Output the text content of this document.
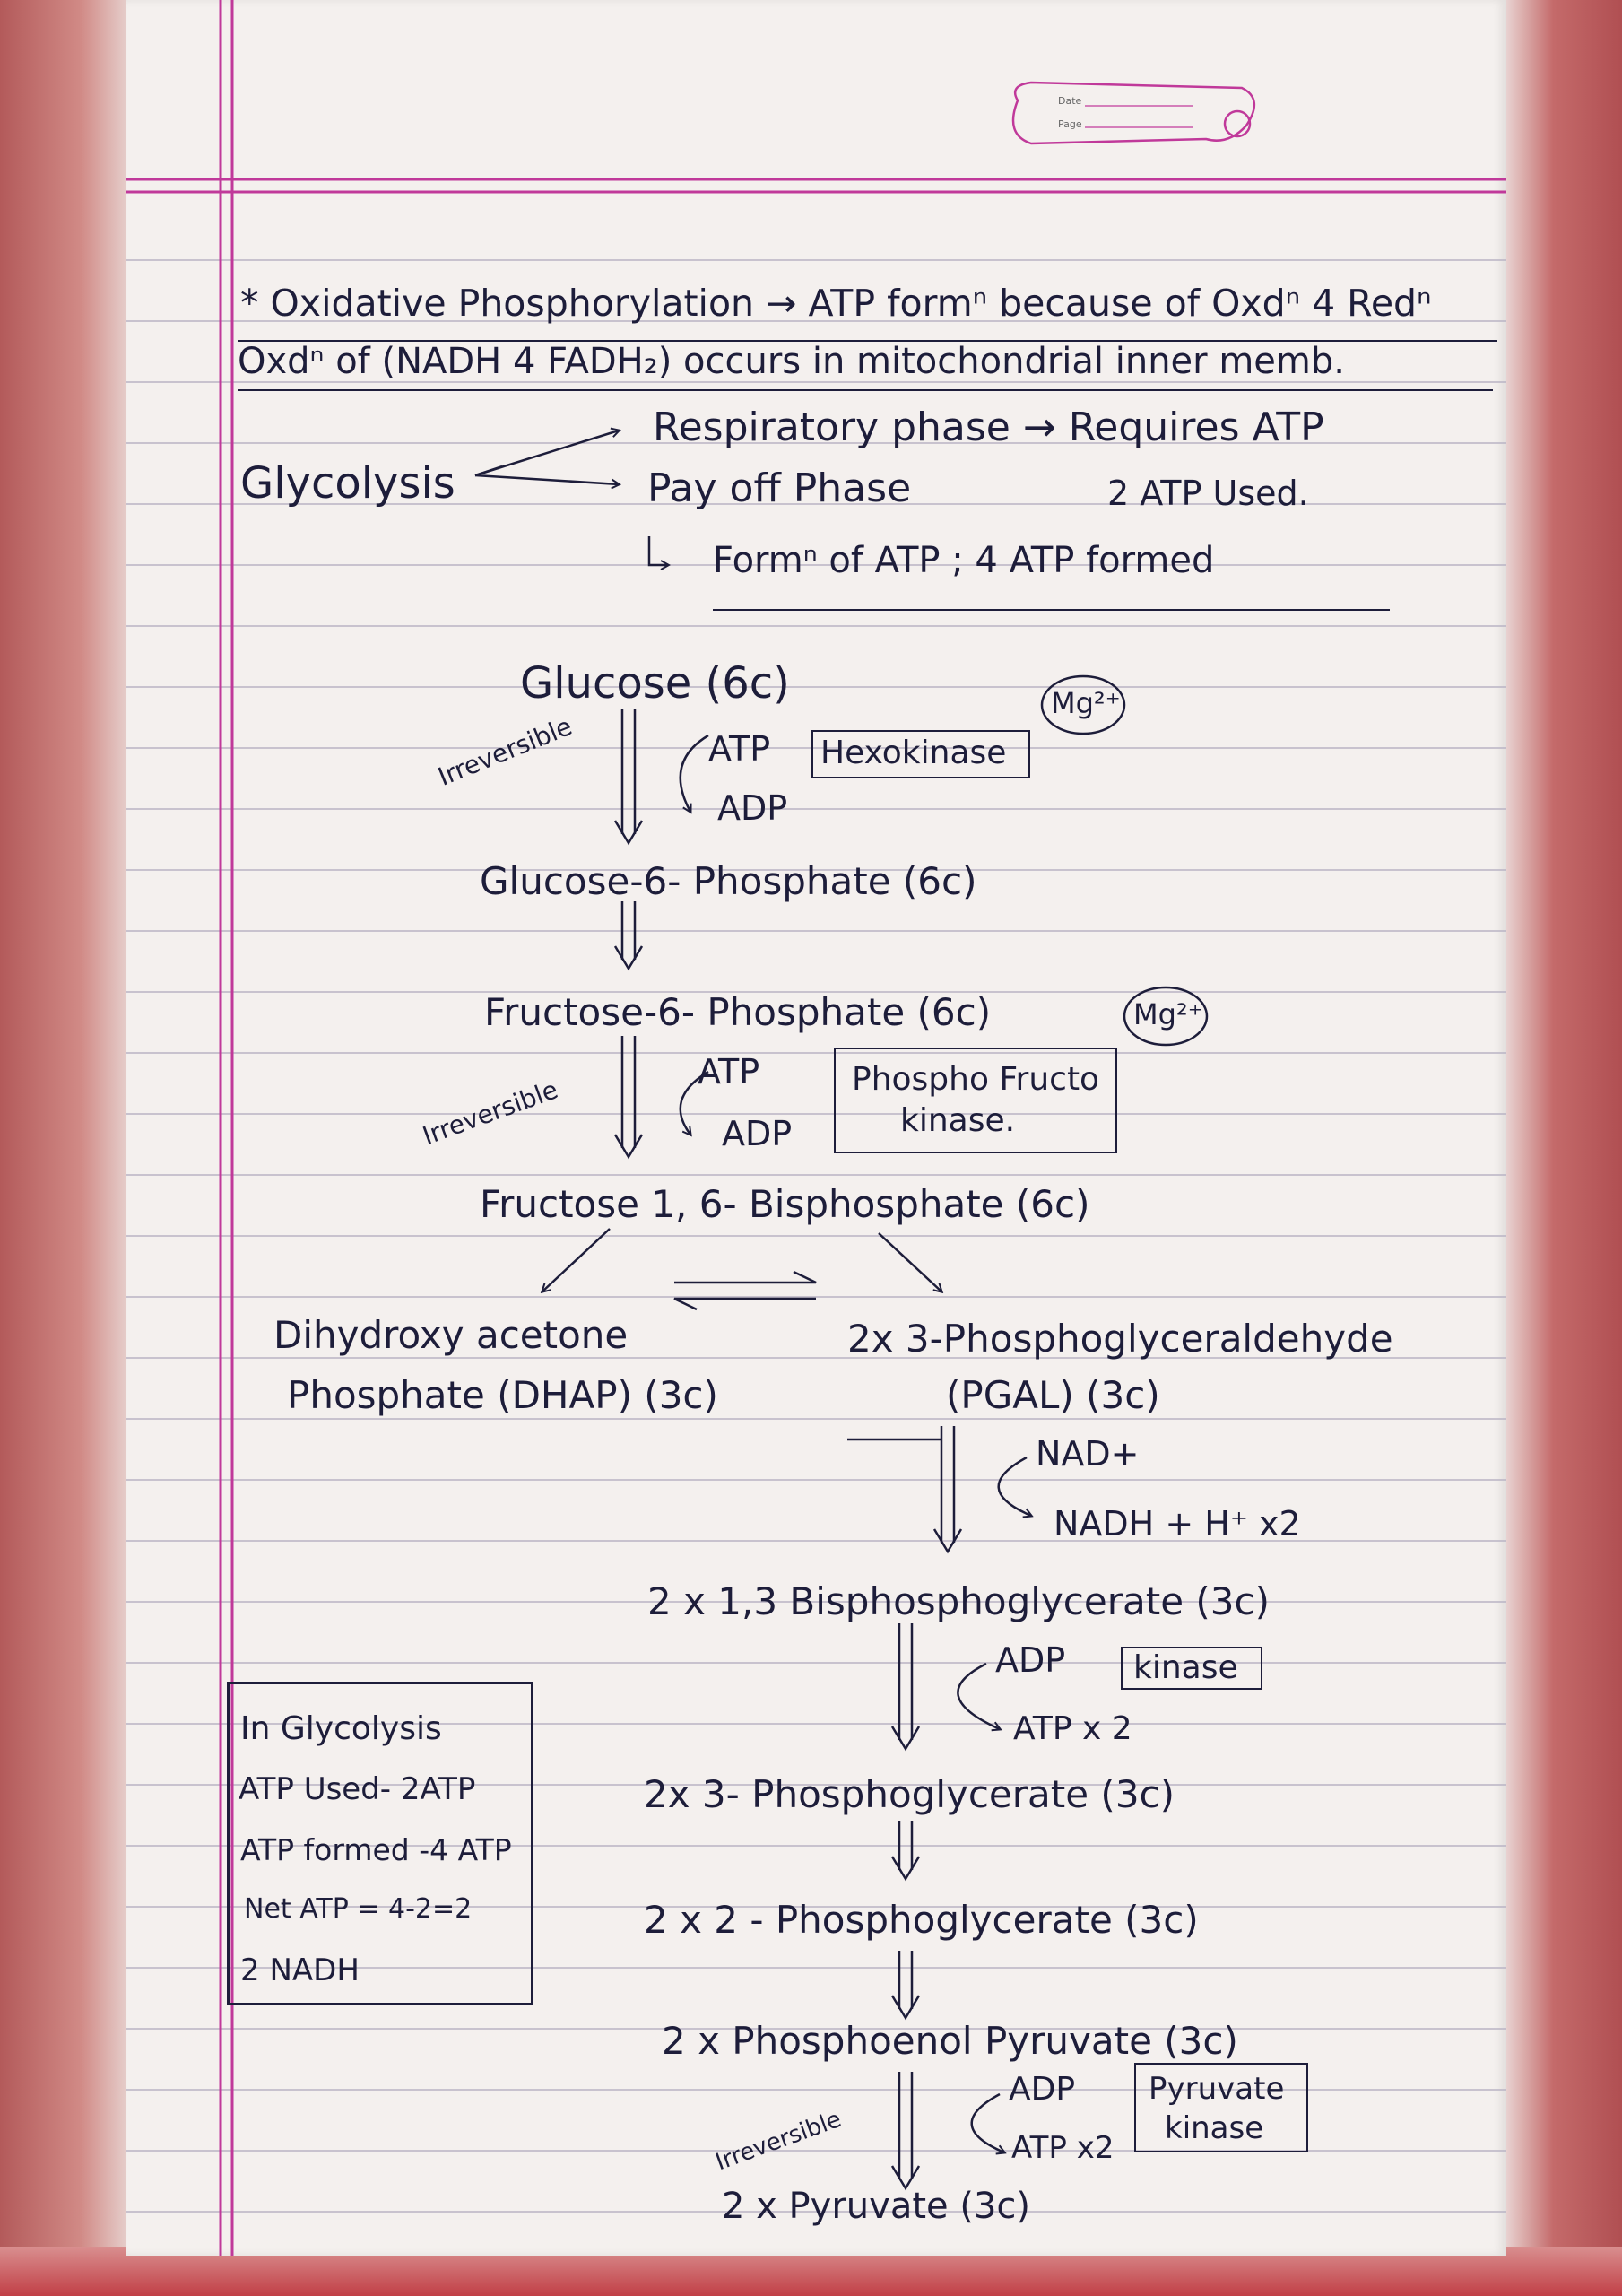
Date
Page
* Oxidative Phosphorylation → ATP formⁿ because of Oxdⁿ 4 Redⁿ
Oxdⁿ of (NADH 4 FADH₂) occurs in mitochondrial inner memb.
Glycolysis
Respiratory phase → Requires ATP
Pay off Phase	2 ATP Used.
Formⁿ of ATP ; 4 ATP formed
Glucose (6c)	Mg²⁺
Irreversible	ATP
ADP
Hexokinase
Glucose-6- Phosphate (6c)
Fructose-6- Phosphate (6c)	Mg²⁺
Irreversible
ATP
ADP
Phospho Fructo
kinase.
Fructose 1, 6- Bisphosphate (6c)
Dihydroxy acetone
Phosphate (DHAP) (3c)
2x 3-Phosphoglyceraldehyde
(PGAL) (3c)
NAD+
NADH + H⁺ x2
2 x 1,3 Bisphosphoglycerate (3c)
ADP kinase
ATP x 2
In Glycolysis
ATP Used- 2ATP
ATP formed -4 ATP
Net ATP = 4-2=2
2 NADH
2x 3- Phosphoglycerate (3c)
2 x 2 - Phosphoglycerate (3c)
2 x Phosphoenol Pyruvate (3c)
Irreversible
ADP
ATP x2
Pyruvate
kinase
2 x Pyruvate (3c)
